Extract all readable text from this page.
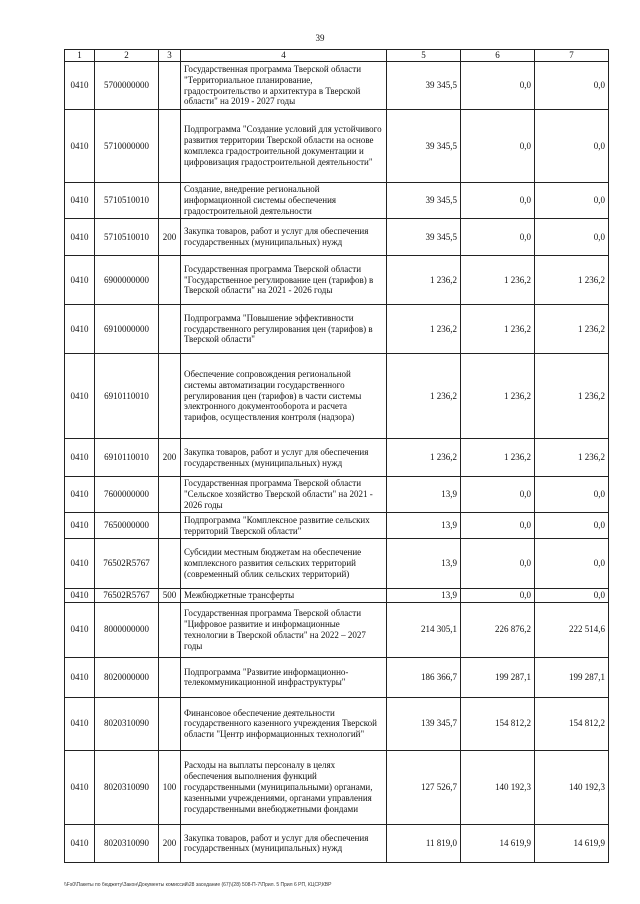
39
1	2	3	4	5	6	7
0410	5700000000		Государственная программа Тверской области "Территориальное планирование, градостроительство и архитектура в Тверской области" на 2019 - 2027 годы	39 345,5	0,0	0,0
0410	5710000000		Подпрограмма "Создание условий для устойчивого развития территории Тверской области на основе комплекса градостроительной документации и цифровизация градостроительной деятельности"	39 345,5	0,0	0,0
0410	5710510010		Создание, внедрение региональной информационной системы обеспечения градостроительной деятельности	39 345,5	0,0	0,0
0410	5710510010	200	Закупка товаров, работ и услуг для обеспечения государственных (муниципальных) нужд	39 345,5	0,0	0,0
0410	6900000000		Государственная программа Тверской области "Государственное регулирование цен (тарифов) в Тверской области" на 2021 - 2026 годы	1 236,2	1 236,2	1 236,2
0410	6910000000		Подпрограмма "Повышение эффективности государственного регулирования цен (тарифов) в Тверской области"	1 236,2	1 236,2	1 236,2
0410	6910110010		Обеспечение сопровождения региональной системы автоматизации государственного регулирования цен (тарифов) в части системы электронного документооборота и расчета тарифов, осуществления контроля (надзора)	1 236,2	1 236,2	1 236,2
0410	6910110010	200	Закупка товаров, работ и услуг для обеспечения государственных (муниципальных) нужд	1 236,2	1 236,2	1 236,2
0410	7600000000		Государственная программа Тверской области "Сельское хозяйство Тверской области" на 2021 - 2026 годы	13,9	0,0	0,0
0410	7650000000		Подпрограмма "Комплексное развитие сельских территорий Тверской области"	13,9	0,0	0,0
0410	76502R5767		Субсидии местным бюджетам на обеспечение комплексного развития сельских территорий (современный облик сельских территорий)	13,9	0,0	0,0
0410	76502R5767	500	Межбюджетные трансферты	13,9	0,0	0,0
0410	8000000000		Государственная программа Тверской области "Цифровое развитие и информационные технологии в Тверской области" на 2022 – 2027 годы	214 305,1	226 876,2	222 514,6
0410	8020000000		Подпрограмма "Развитие информационно-телекоммуникационной инфраструктуры"	186 366,7	199 287,1	199 287,1
0410	8020310090		Финансовое обеспечение деятельности государственного казенного учреждения Тверской области "Центр информационных технологий"	139 345,7	154 812,2	154 812,2
0410	8020310090	100	Расходы на выплаты персоналу в целях обеспечения выполнения функций государственными (муниципальными) органами, казенными учреждениями, органами управления государственными внебюджетными фондами	127 526,7	140 192,3	140 192,3
0410	8020310090	200	Закупка товаров, работ и услуг для обеспечения государственных (муниципальных) нужд	11 819,0	14 619,9	14 619,9
\\Fs0\Пакеты по бюджету\Закон\Документы комиссий\28 заседание (67)\(28) 508-П-7\Прил. 5 Прил 6 РП, КЦСР,КВР
